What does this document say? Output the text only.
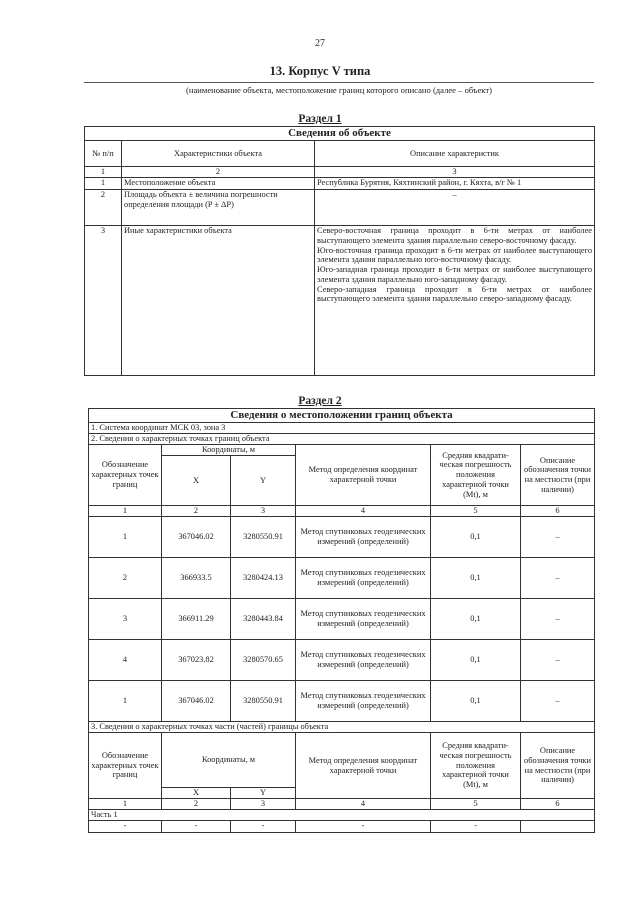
27
13. Корпус V типа
(наименование объекта, местоположение границ которого описано (далее – объект)
Раздел 1
Сведения об объекте		
№ п/п	Характеристики объекта	Описание характеристик
1	2	3
1	Местоположение объекта	Республика Бурятия, Кяхтинский район, г. Кяхта, в/г № 1
2	Площадь объекта ± величина погрешности определения площади (P ± ΔP)	–
3	Иные характеристики объекта	Северо-восточная граница проходит в 6-ти метрах от наиболее выступающего элемента здания параллельно северо-восточному фасаду.
Юго-восточная граница проходит в 6-ти метрах от наиболее выступающего элемента здания параллельно юго-восточному фасаду.
Юго-западная граница проходит в 6-ти метрах от наиболее выступающего элемента здания параллельно юго-западному фасаду.
Северо-западная граница проходит в 6-ти метрах от наиболее выступающего элемента здания параллельно северо-западному фасаду.
Раздел 2
Сведения о местоположении границ объекта					
1. Система координат МСК 03, зона 3					
2. Сведения о характерных точках границ объекта					
Обозначение характерных точек границ	Координаты, м		Метод определения координат характерной точки	Средняя квадрати-ческая погрешность положения характерной точки (Mt), м	Описание обозначения точки на местности (при наличии)
	X	Y			
1	2	3	4	5	6
1	367046.02	3280550.91	Метод спутниковых геодезических измерений (определений)	0,1	–
2	366933.5	3280424.13	Метод спутниковых геодезических измерений (определений)	0,1	–
3	366911.29	3280443.84	Метод спутниковых геодезических измерений (определений)	0,1	–
4	367023.82	3280570.65	Метод спутниковых геодезических измерений (определений)	0,1	–
1	367046.02	3280550.91	Метод спутниковых геодезических измерений (определений)	0,1	–
3. Сведения о характерных точках части (частей) границы объекта					
Обозначение характерных точек границ	Координаты, м		Метод определения координат характерной точки	Средняя квадрати-ческая погрешность положения характерной точки (Mt), м	Описание обозначения точки на местности (при наличии)
	X	Y			
1	2	3	4	5	6
Часть 1					
-	-	-	-	-	
